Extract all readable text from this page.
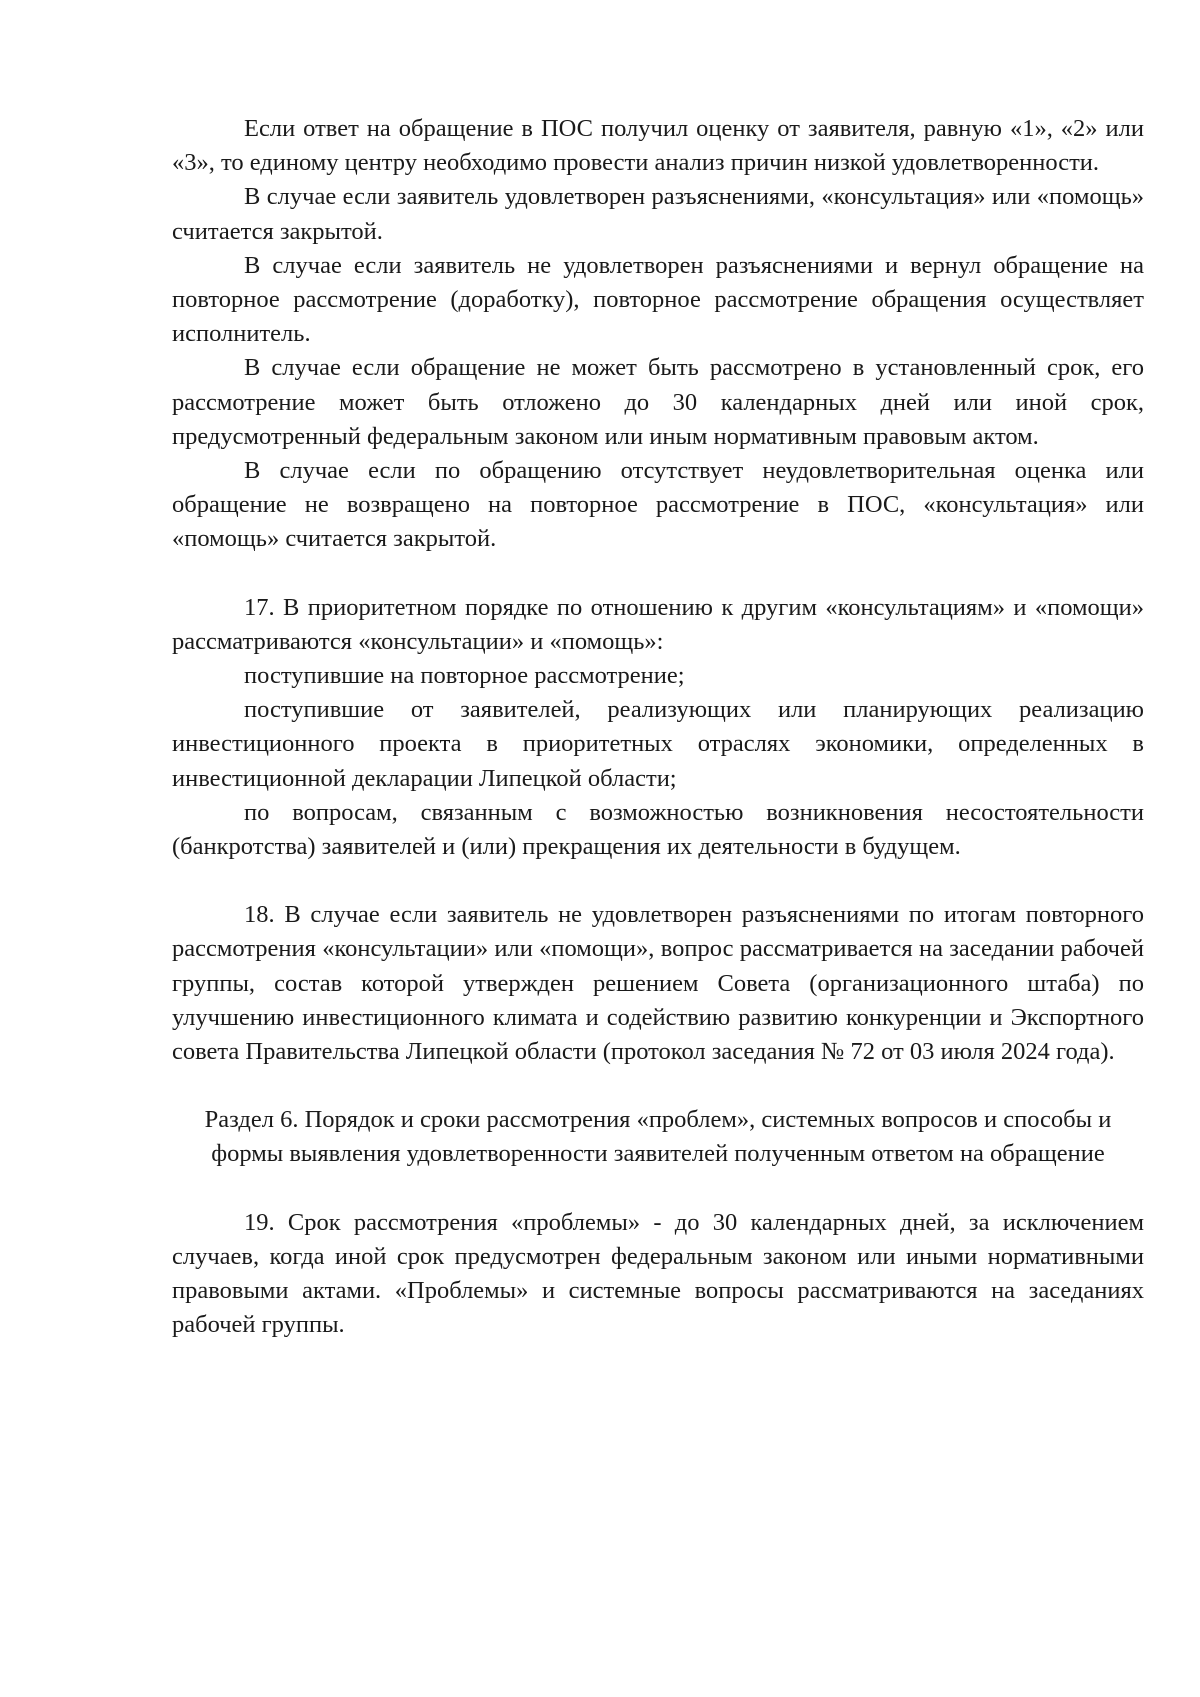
Если ответ на обращение в ПОС получил оценку от заявителя, равную «1», «2» или «3», то единому центру необходимо провести анализ причин низкой удовлетворенности.

В случае если заявитель удовлетворен разъяснениями, «консультация» или «помощь» считается закрытой.

В случае если заявитель не удовлетворен разъяснениями и вернул обращение на повторное рассмотрение (доработку), повторное рассмотрение обращения осуществляет исполнитель.

В случае если обращение не может быть рассмотрено в установленный срок, его рассмотрение может быть отложено до 30 календарных дней или иной срок, предусмотренный федеральным законом или иным нормативным правовым актом.

В случае если по обращению отсутствует неудовлетворительная оценка или обращение не возвращено на повторное рассмотрение в ПОС, «консультация» или «помощь» считается закрытой.

17. В приоритетном порядке по отношению к другим «консультациям» и «помощи» рассматриваются «консультации» и «помощь»:

поступившие на повторное рассмотрение;

поступившие от заявителей, реализующих или планирующих реализацию инвестиционного проекта в приоритетных отраслях экономики, определенных в инвестиционной декларации Липецкой области;

по вопросам, связанным с возможностью возникновения несостоятельности (банкротства) заявителей и (или) прекращения их деятельности в будущем.

18. В случае если заявитель не удовлетворен разъяснениями по итогам повторного рассмотрения «консультации» или «помощи», вопрос рассматривается на заседании рабочей группы, состав которой утвержден решением Совета (организационного штаба) по улучшению инвестиционного климата и содействию развитию конкуренции и Экспортного совета Правительства Липецкой области (протокол заседания № 72 от 03 июля 2024 года).

Раздел 6. Порядок и сроки рассмотрения «проблем», системных вопросов и способы и формы выявления удовлетворенности заявителей полученным ответом на обращение

19. Срок рассмотрения «проблемы» - до 30 календарных дней, за исключением случаев, когда иной срок предусмотрен федеральным законом или иными нормативными правовыми актами. «Проблемы» и системные вопросы рассматриваются на заседаниях рабочей группы.
